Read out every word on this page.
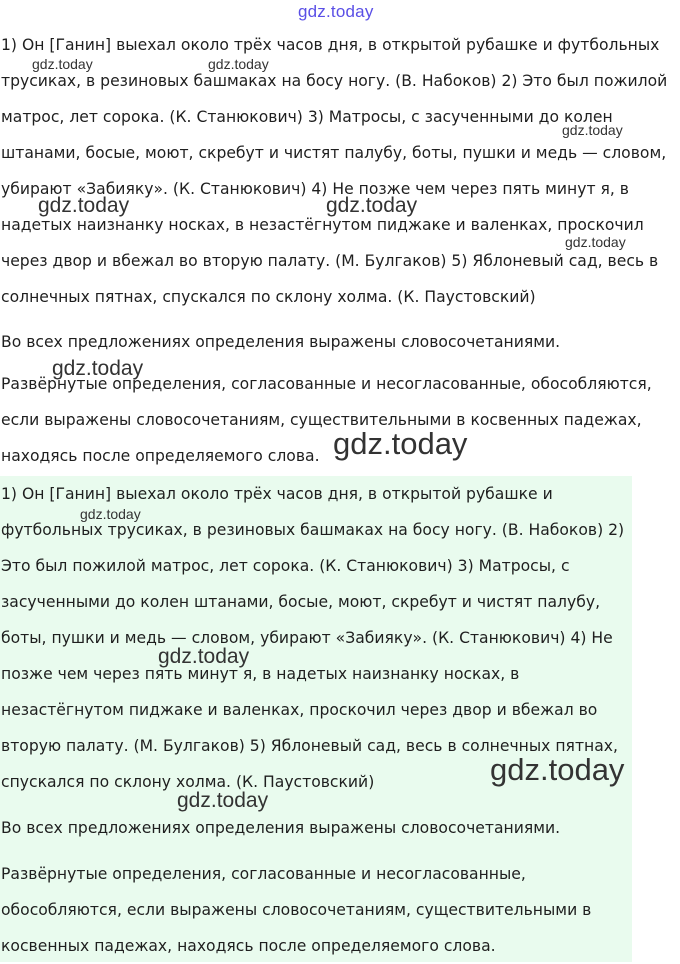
gdz.today

1) Он [Ганин] выехал около трёх часов дня, в открытой рубашке и футбольных трусиках, в резиновых башмаках на босу ногу. (В. Набоков) 2) Это был пожилой матрос, лет сорока. (К. Станюкович) 3) Матросы, с засученными до колен штанами, босые, моют, скребут и чистят палубу, боты, пушки и медь — словом, убирают «Забияку». (К. Станюкович) 4) Не позже чем через пять минут я, в надетых наизнанку носках, в незастёгнутом пиджаке и валенках, проскочил через двор и вбежал во вторую палату. (М. Булгаков) 5) Яблоневый сад, весь в солнечных пятнах, спускался по склону холма. (К. Паустовский)

Во всех предложениях определения выражены словосочетаниями.

Развёрнутые определения, согласованные и несогласованные, обособляются, если выражены словосочетаниям, существительными в косвенных падежах, находясь после определяемого слова.

1) Он [Ганин] выехал около трёх часов дня, в открытой рубашке и футбольных трусиках, в резиновых башмаках на босу ногу. (В. Набоков) 2) Это был пожилой матрос, лет сорока. (К. Станюкович) 3) Матросы, с засученными до колен штанами, босые, моют, скребут и чистят палубу, боты, пушки и медь — словом, убирают «Забияку». (К. Станюкович) 4) Не позже чем через пять минут я, в надетых наизнанку носках, в незастёгнутом пиджаке и валенках, проскочил через двор и вбежал во вторую палату. (М. Булгаков) 5) Яблоневый сад, весь в солнечных пятнах, спускался по склону холма. (К. Паустовский)

Во всех предложениях определения выражены словосочетаниями.

Развёрнутые определения, согласованные и несогласованные, обособляются, если выражены словосочетаниям, существительными в косвенных падежах, находясь после определяемого слова.

gdz.today	gdz.today
gdz.today
gdz.today	gdz.today
gdz.today
gdz.today
gdz.today
gdz.today
gdz.today
gdz.today
gdz.today
